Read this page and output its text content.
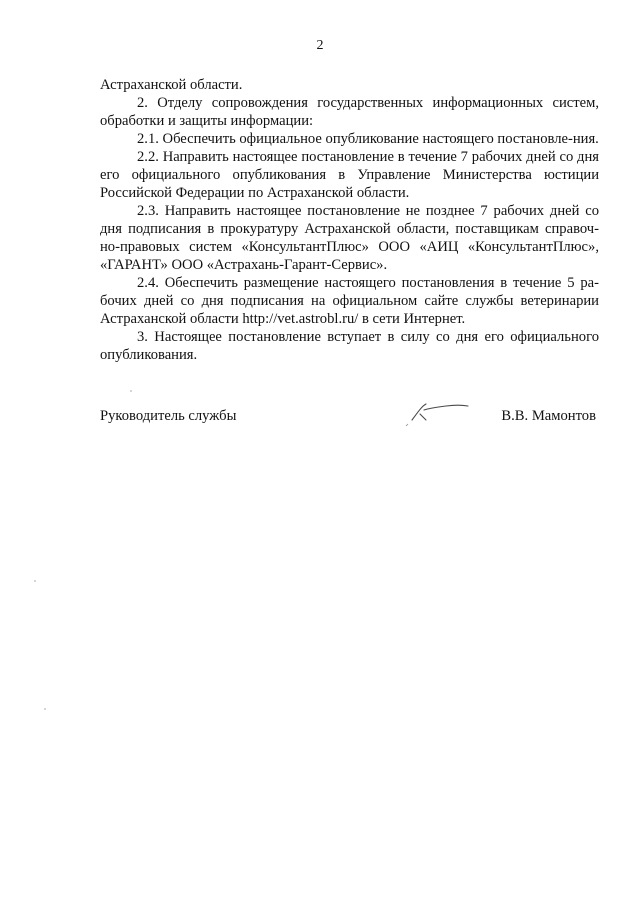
2

Астраханской области.

2. Отделу сопровождения государственных информационных систем, обработки и защиты информации:

2.1. Обеспечить официальное опубликование настоящего постановле-ния.

2.2. Направить настоящее постановление в течение 7 рабочих дней со дня его официального опубликования в Управление Министерства юстиции Российской Федерации по Астраханской области.

2.3. Направить настоящее постановление не позднее 7 рабочих дней со дня подписания в прокуратуру Астраханской области, поставщикам справоч-но-правовых систем «КонсультантПлюс» ООО «АИЦ «КонсультантПлюс», «ГАРАНТ» ООО «Астрахань-Гарант-Сервис».

2.4. Обеспечить размещение настоящего постановления в течение 5 ра-бочих дней со дня подписания на официальном сайте службы ветеринарии Астраханской области http://vet.astrobl.ru/ в сети Интернет.

3. Настоящее постановление вступает в силу со дня его официального опубликования.

Руководитель службы	В.В. Мамонтов
